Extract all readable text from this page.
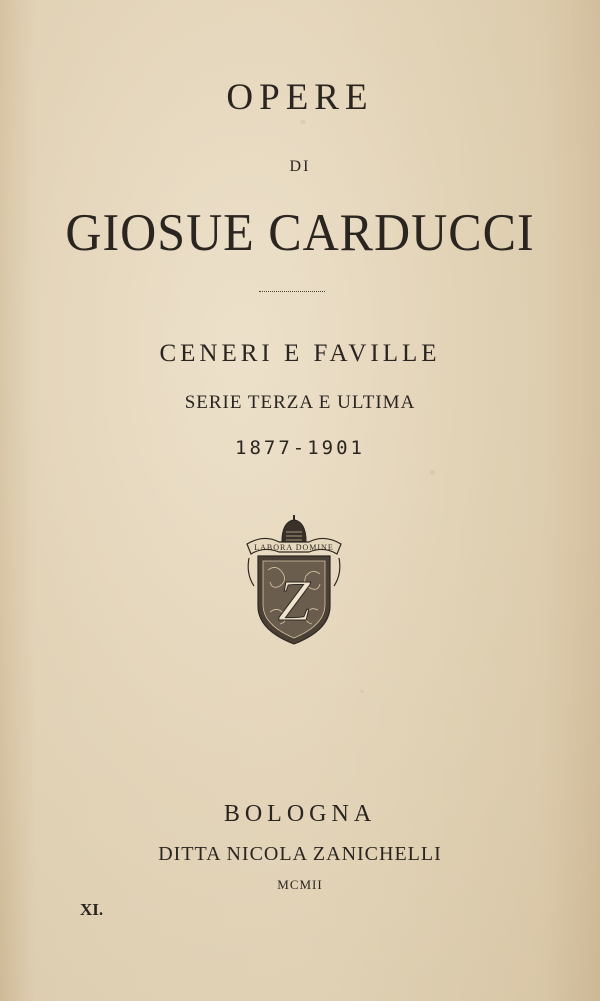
OPERE
DI
GIOSUE CARDUCCI
CENERI E FAVILLE
SERIE TERZA E ULTIMA
1877-1901
Z
LABORA DOMINE
BOLOGNA
DITTA NICOLA ZANICHELLI
MCMII
XI.
